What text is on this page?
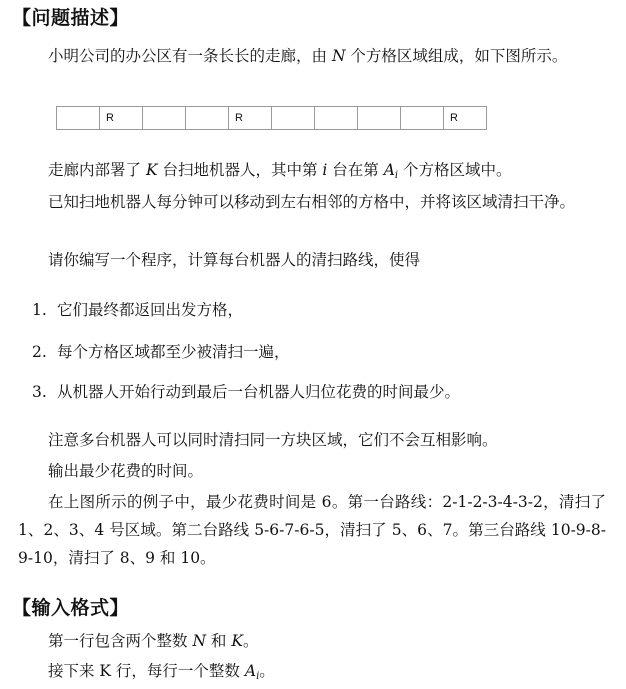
【问题描述】
小明公司的办公区有一条长长的走廊，由 N 个方格区域组成，如下图所示。
R	R	R
走廊内部署了 K 台扫地机器人，其中第 i 台在第 $A_i$ 个方格区域中。
已知扫地机器人每分钟可以移动到左右相邻的方格中，并将该区域清扫干净。
请你编写一个程序，计算每台机器人的清扫路线，使得
1. 它们最终都返回出发方格，
2. 每个方格区域都至少被清扫一遍，
3. 从机器人开始行动到最后一台机器人归位花费的时间最少。
注意多台机器人可以同时清扫同一方块区域，它们不会互相影响。
输出最少花费的时间。
在上图所示的例子中，最少花费时间是 6。第一台路线：2-1-2-3-4-3-2，清扫了 1、2、3、4 号区域。第二台路线 5-6-7-6-5，清扫了 5、6、7。第三台路线 10-9-8-9-10，清扫了 8、9 和 10。
【输入格式】
第一行包含两个整数 N 和 K。
接下来 K 行，每行一个整数 $A_i$。
